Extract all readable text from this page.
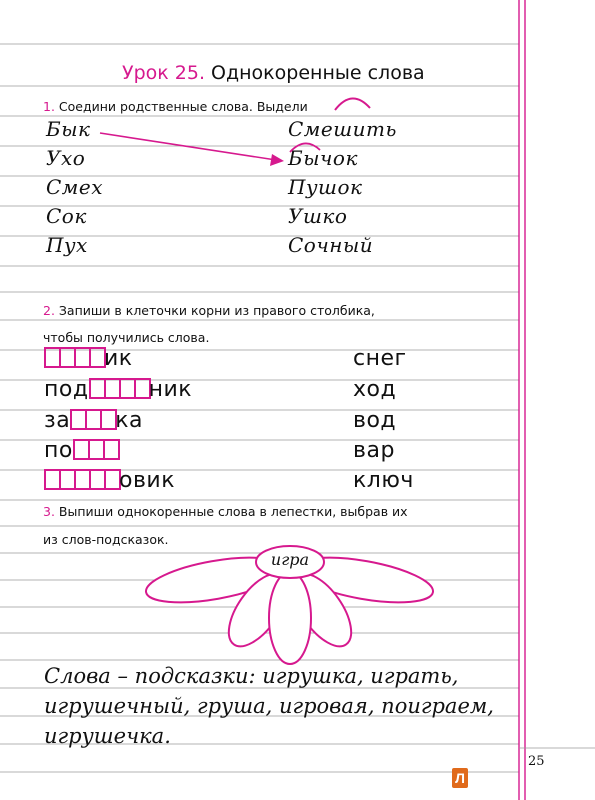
Урок 25. Однокоренные слова
1. Соедини родственные слова. Выдели
Бык
Ухо
Смех
Сок
Пух
Смешить
Бычок
Пушок
Ушко
Сочный
2. Запиши в клеточки корни из правого столбика,
чтобы получились слова.
ик
под	ник
за ка
по
овик
снег
ход
вод
вар
ключ
3. Выпиши однокоренные слова в лепестки, выбрав их
из слов-подсказок.
игра
Слова – подсказки: игрушка, играть,
игрушечный, груша, игровая, поиграем,
игрушечка.
25
Л
